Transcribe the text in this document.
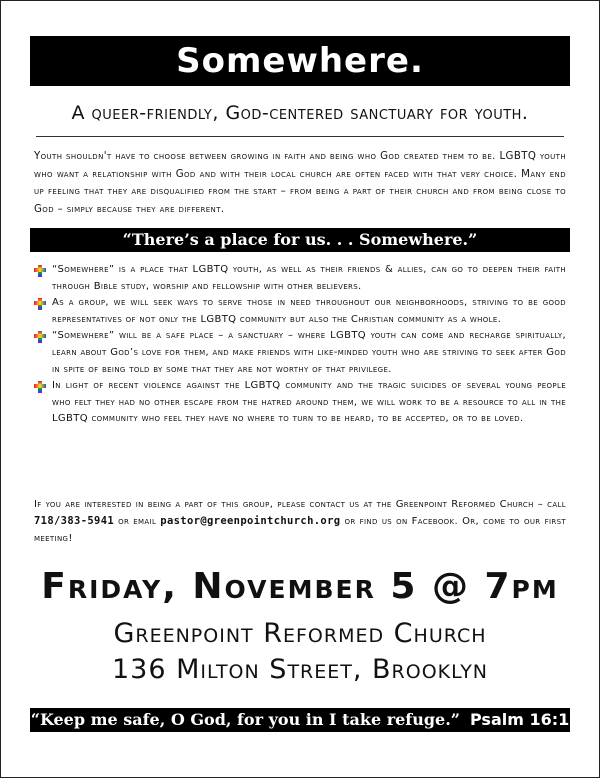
Somewhere.
A queer-friendly, God-centered sanctuary for youth.
Youth shouldn't have to choose between growing in faith and being who God created them to be. LGBTQ youth who want a relationship with God and with their local church are often faced with that very choice. Many end up feeling that they are disqualified from the start – from being a part of their church and from being close to God – simply because they are different.
“There’s a place for us. . . Somewhere.”
“Somewhere” is a place that LGBTQ youth, as well as their friends & allies, can go to deepen their faith through Bible study, worship and fellowship with other believers.
As a group, we will seek ways to serve those in need throughout our neighborhoods, striving to be good representatives of not only the LGBTQ community but also the Christian community as a whole.
“Somewhere” will be a safe place – a sanctuary – where LGBTQ youth can come and recharge spiritually, learn about God’s love for them, and make friends with like-minded youth who are striving to seek after God in spite of being told by some that they are not worthy of that privilege.
In light of recent violence against the LGBTQ community and the tragic suicides of several young people who felt they had no other escape from the hatred around them, we will work to be a resource to all in the LGBTQ community who feel they have no where to turn to be heard, to be accepted, or to be loved.
If you are interested in being a part of this group, please contact us at the Greenpoint Reformed Church – call 718/383-5941 or email pastor@greenpointchurch.org or find us on Facebook. Or, come to our first meeting!
Friday, November 5 @ 7pm
Greenpoint Reformed Church
136 Milton Street, Brooklyn
“Keep me safe, O God, for you in I take refuge.” Psalm 16:1
